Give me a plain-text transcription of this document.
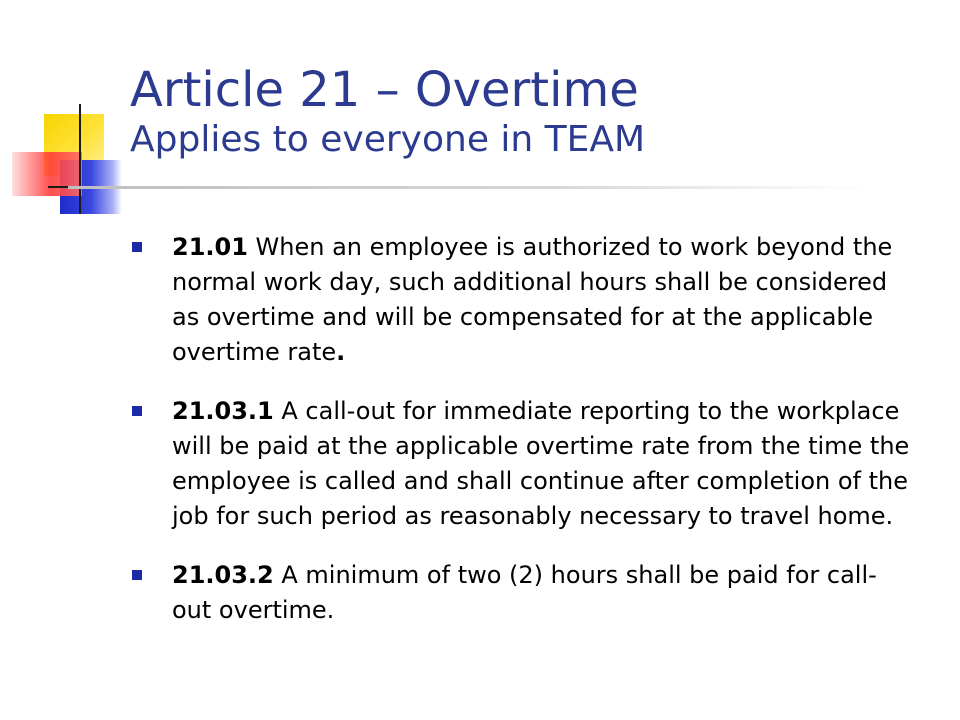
Article 21 – Overtime
Applies to everyone in TEAM
21.01 When an employee is authorized to work beyond the normal work day, such additional hours shall be considered as overtime and will be compensated for at the applicable overtime rate.
21.03.1 A call-out for immediate reporting to the workplace will be paid at the applicable overtime rate from the time the employee is called and shall continue after completion of the job for such period as reasonably necessary to travel home.
21.03.2 A minimum of two (2) hours shall be paid for call-out overtime.
